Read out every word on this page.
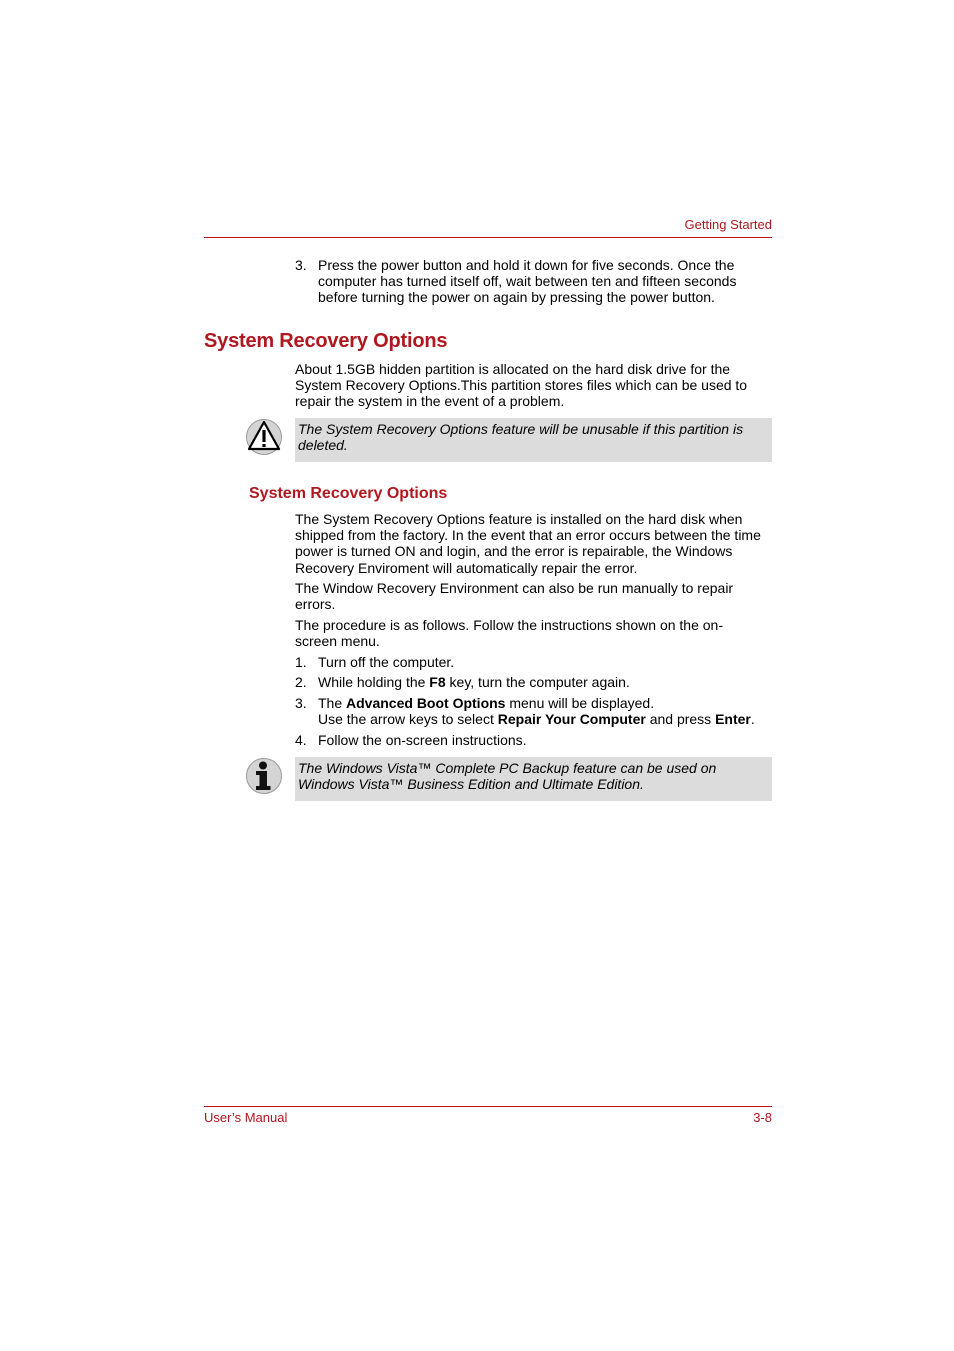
Getting Started
3. Press the power button and hold it down for five seconds. Once the
computer has turned itself off, wait between ten and fifteen seconds
before turning the power on again by pressing the power button.
System Recovery Options
About 1.5GB hidden partition is allocated on the hard disk drive for the
System Recovery Options.This partition stores files which can be used to
repair the system in the event of a problem.
The System Recovery Options feature will be unusable if this partition is
deleted.
System Recovery Options
The System Recovery Options feature is installed on the hard disk when
shipped from the factory. In the event that an error occurs between the time
power is turned ON and login, and the error is repairable, the Windows
Recovery Enviroment will automatically repair the error.
The Window Recovery Environment can also be run manually to repair
errors.
The procedure is as follows. Follow the instructions shown on the on-
screen menu.
1. Turn off the computer.
2. While holding the F8 key, turn the computer again.
3. The Advanced Boot Options menu will be displayed.
Use the arrow keys to select Repair Your Computer and press Enter.
4. Follow the on-screen instructions.
The Windows Vista™ Complete PC Backup feature can be used on
Windows Vista™ Business Edition and Ultimate Edition.
User’s Manual	3-8
